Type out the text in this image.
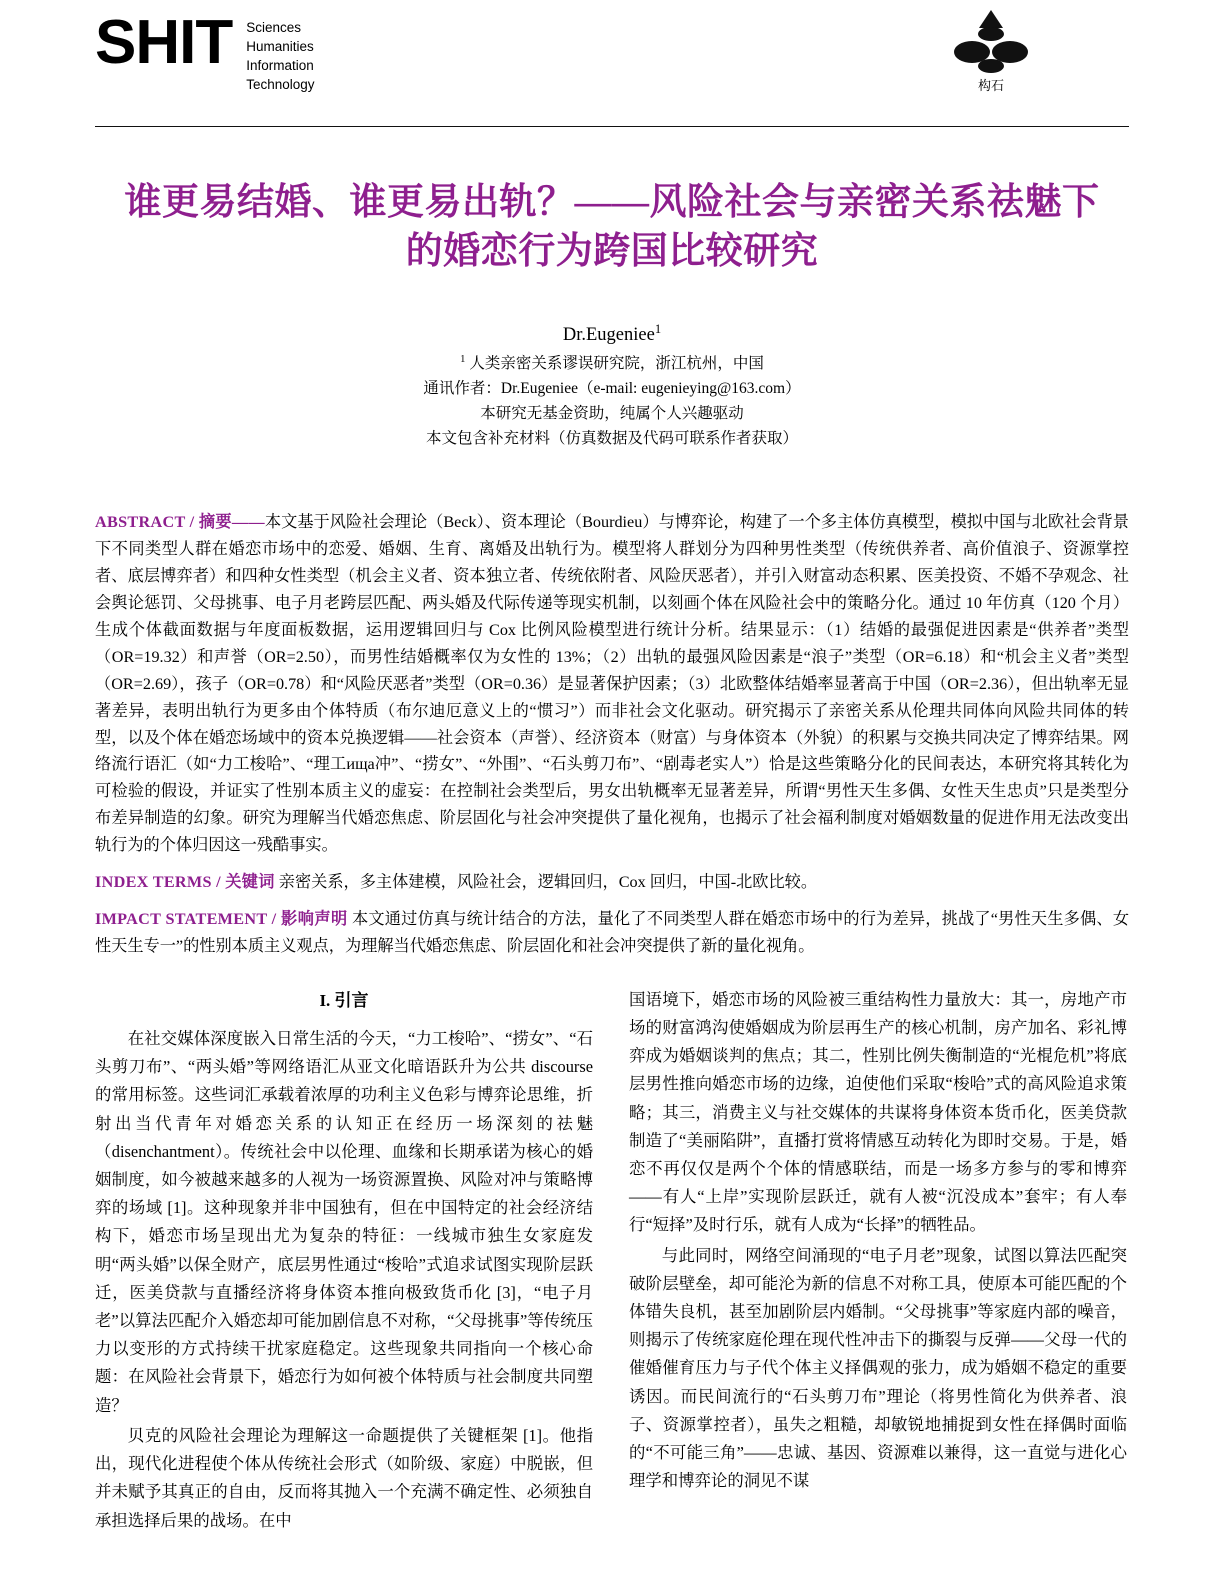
SHIT Sciences
Humanities
Information
Technology	构石
谁更易结婚、谁更易出轨？——风险社会与亲密关系祛魅下的婚恋行为跨国比较研究
Dr.Eugeniee$^1$
$^1$ 人类亲密关系谬误研究院，浙江杭州，中国
通讯作者：Dr.Eugeniee（e-mail: eugenieying@163.com）
本研究无基金资助，纯属个人兴趣驱动
本文包含补充材料（仿真数据及代码可联系作者获取）

ABSTRACT / 摘要——本文基于风险社会理论（Beck）、资本理论（Bourdieu）与博弈论，构建了一个多主体仿真模型，模拟中国与北欧社会背景下不同类型人群在婚恋市场中的恋爱、婚姻、生育、离婚及出轨行为。模型将人群划分为四种男性类型（传统供养者、高价值浪子、资源掌控者、底层博弈者）和四种女性类型（机会主义者、资本独立者、传统依附者、风险厌恶者），并引入财富动态积累、医美投资、不婚不孕观念、社会舆论惩罚、父母挑事、电子月老跨层匹配、两头婚及代际传递等现实机制，以刻画个体在风险社会中的策略分化。通过 10 年仿真（120 个月）生成个体截面数据与年度面板数据，运用逻辑回归与 Cox 比例风险模型进行统计分析。结果显示：（1）结婚的最强促进因素是“供养者”类型（OR=19.32）和声誉（OR=2.50），而男性结婚概率仅为女性的 13%；（2）出轨的最强风险因素是“浪子”类型（OR=6.18）和“机会主义者”类型（OR=2.69），孩子（OR=0.78）和“风险厌恶者”类型（OR=0.36）是显著保护因素；（3）北欧整体结婚率显著高于中国（OR=2.36），但出轨率无显著差异，表明出轨行为更多由个体特质（布尔迪厄意义上的“惯习”）而非社会文化驱动。研究揭示了亲密关系从伦理共同体向风险共同体的转型，以及个体在婚恋场域中的资本兑换逻辑——社会资本（声誉）、经济资本（财富）与身体资本（外貌）的积累与交换共同决定了博弈结果。网络流行语汇（如“力工梭哈”、“理工ища冲”、“捞女”、“外围”、“石头剪刀布”、“剧毒老实人”）恰是这些策略分化的民间表达，本研究将其转化为可检验的假设，并证实了性别本质主义的虚妄：在控制社会类型后，男女出轨概率无显著差异，所谓“男性天生多偶、女性天生忠贞”只是类型分布差异制造的幻象。研究为理解当代婚恋焦虑、阶层固化与社会冲突提供了量化视角，也揭示了社会福利制度对婚姻数量的促进作用无法改变出轨行为的个体归因这一残酷事实。

INDEX TERMS / 关键词 亲密关系，多主体建模，风险社会，逻辑回归，Cox 回归，中国-北欧比较。

IMPACT STATEMENT / 影响声明 本文通过仿真与统计结合的方法，量化了不同类型人群在婚恋市场中的行为差异，挑战了“男性天生多偶、女性天生专一”的性别本质主义观点，为理解当代婚恋焦虑、阶层固化和社会冲突提供了新的量化视角。

I. 引言

在社交媒体深度嵌入日常生活的今天，“力工梭哈”、“捞女”、“石头剪刀布”、“两头婚”等网络语汇从亚文化暗语跃升为公共 discourse 的常用标签。这些词汇承载着浓厚的功利主义色彩与博弈论思维，折射出当代青年对婚恋关系的认知正在经历一场深刻的祛魅（disenchantment）。传统社会中以伦理、血缘和长期承诺为核心的婚姻制度，如今被越来越多的人视为一场资源置换、风险对冲与策略博弈的场域 [1]。这种现象并非中国独有，但在中国特定的社会经济结构下，婚恋市场呈现出尤为复杂的特征：一线城市独生女家庭发明“两头婚”以保全财产，底层男性通过“梭哈”式追求试图实现阶层跃迁，医美贷款与直播经济将身体资本推向极致货币化 [3]，“电子月老”以算法匹配介入婚恋却可能加剧信息不对称，“父母挑事”等传统压力以变形的方式持续干扰家庭稳定。这些现象共同指向一个核心命题：在风险社会背景下，婚恋行为如何被个体特质与社会制度共同塑造？

贝克的风险社会理论为理解这一命题提供了关键框架 [1]。他指出，现代化进程使个体从传统社会形式（如阶级、家庭）中脱嵌，但并未赋予其真正的自由，反而将其抛入一个充满不确定性、必须独自承担选择后果的战场。在中

国语境下，婚恋市场的风险被三重结构性力量放大：其一，房地产市场的财富鸿沟使婚姻成为阶层再生产的核心机制，房产加名、彩礼博弈成为婚姻谈判的焦点；其二，性别比例失衡制造的“光棍危机”将底层男性推向婚恋市场的边缘，迫使他们采取“梭哈”式的高风险追求策略；其三，消费主义与社交媒体的共谋将身体资本货币化，医美贷款制造了“美丽陷阱”，直播打赏将情感互动转化为即时交易。于是，婚恋不再仅仅是两个个体的情感联结，而是一场多方参与的零和博弈——有人“上岸”实现阶层跃迁，就有人被“沉没成本”套牢；有人奉行“短择”及时行乐，就有人成为“长择”的牺牲品。

与此同时，网络空间涌现的“电子月老”现象，试图以算法匹配突破阶层壁垒，却可能沦为新的信息不对称工具，使原本可能匹配的个体错失良机，甚至加剧阶层内婚制。“父母挑事”等家庭内部的噪音，则揭示了传统家庭伦理在现代性冲击下的撕裂与反弹——父母一代的催婚催育压力与子代个体主义择偶观的张力，成为婚姻不稳定的重要诱因。而民间流行的“石头剪刀布”理论（将男性简化为供养者、浪子、资源掌控者），虽失之粗糙，却敏锐地捕捉到女性在择偶时面临的“不可能三角”——忠诚、基因、资源难以兼得，这一直觉与进化心理学和博弈论的洞见不谋
